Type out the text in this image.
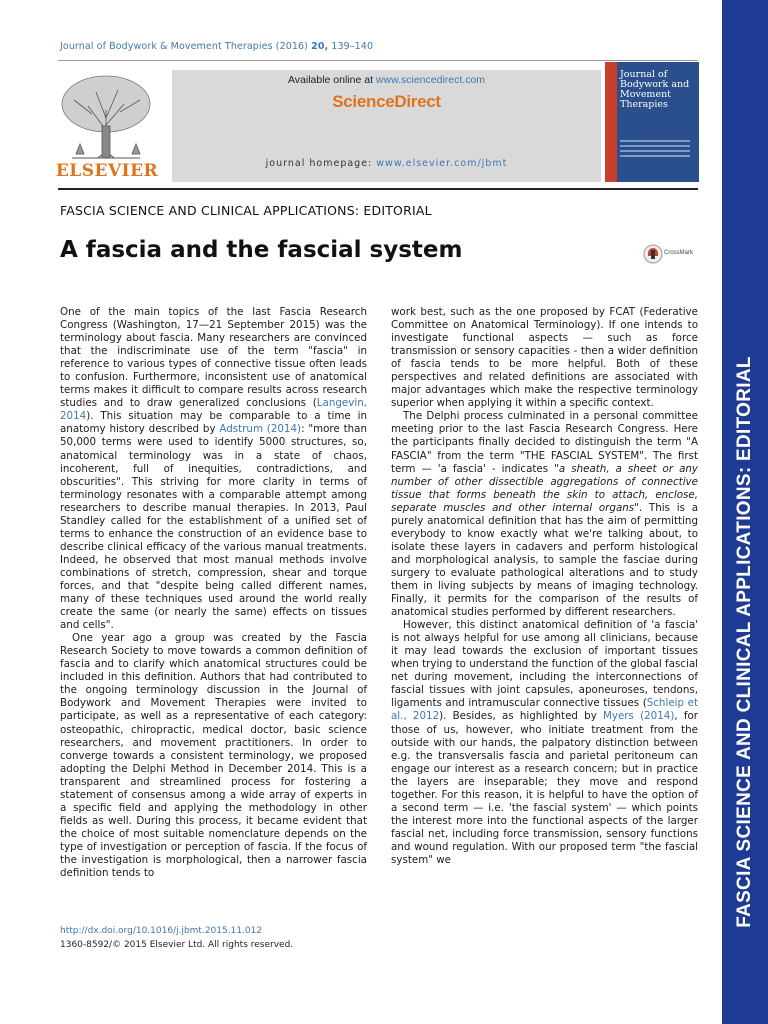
Journal of Bodywork & Movement Therapies (2016) 20, 139–140
ELSEVIER
Available online at www.sciencedirect.com
ScienceDirect
journal homepage: www.elsevier.com/jbmt
Journal of Bodywork and Movement Therapies
FASCIA SCIENCE AND CLINICAL APPLICATIONS: EDITORIAL
A fascia and the fascial system	CrossMark

One of the main topics of the last Fascia Research Congress (Washington, 17—21 September 2015) was the terminology about fascia. Many researchers are convinced that the indiscriminate use of the term "fascia" in reference to various types of connective tissue often leads to confusion. Furthermore, inconsistent use of anatomical terms makes it difficult to compare results across research studies and to draw generalized conclusions (Langevin, 2014). This situation may be comparable to a time in anatomy history described by Adstrum (2014): "more than 50,000 terms were used to identify 5000 structures, so, anatomical terminology was in a state of chaos, incoherent, full of inequities, contradictions, and obscurities". This striving for more clarity in terms of terminology resonates with a comparable attempt among researchers to describe manual therapies. In 2013, Paul Standley called for the establishment of a unified set of terms to enhance the construction of an evidence base to describe clinical efficacy of the various manual treatments. Indeed, he observed that most manual methods involve combinations of stretch, compression, shear and torque forces, and that "despite being called different names, many of these techniques used around the world really create the same (or nearly the same) effects on tissues and cells".

One year ago a group was created by the Fascia Research Society to move towards a common definition of fascia and to clarify which anatomical structures could be included in this definition. Authors that had contributed to the ongoing terminology discussion in the Journal of Bodywork and Movement Therapies were invited to participate, as well as a representative of each category: osteopathic, chiropractic, medical doctor, basic science researchers, and movement practitioners. In order to converge towards a consistent terminology, we proposed adopting the Delphi Method in December 2014. This is a transparent and streamlined process for fostering a statement of consensus among a wide array of experts in a specific field and applying the methodology in other fields as well. During this process, it became evident that the choice of most suitable nomenclature depends on the type of investigation or perception of fascia. If the focus of the investigation is morphological, then a narrower fascia definition tends to

work best, such as the one proposed by FCAT (Federative Committee on Anatomical Terminology). If one intends to investigate functional aspects — such as force transmission or sensory capacities - then a wider definition of fascia tends to be more helpful. Both of these perspectives and related definitions are associated with major advantages which make the respective terminology superior when applying it within a specific context.

The Delphi process culminated in a personal committee meeting prior to the last Fascia Research Congress. Here the participants finally decided to distinguish the term "A FASCIA" from the term "THE FASCIAL SYSTEM". The first term — 'a fascia' - indicates "a sheath, a sheet or any number of other dissectible aggregations of connective tissue that forms beneath the skin to attach, enclose, separate muscles and other internal organs". This is a purely anatomical definition that has the aim of permitting everybody to know exactly what we're talking about, to isolate these layers in cadavers and perform histological and morphological analysis, to sample the fasciae during surgery to evaluate pathological alterations and to study them in living subjects by means of imaging technology. Finally, it permits for the comparison of the results of anatomical studies performed by different researchers.

However, this distinct anatomical definition of 'a fascia' is not always helpful for use among all clinicians, because it may lead towards the exclusion of important tissues when trying to understand the function of the global fascial net during movement, including the interconnections of fascial tissues with joint capsules, aponeuroses, tendons, ligaments and intramuscular connective tissues (Schleip et al., 2012). Besides, as highlighted by Myers (2014), for those of us, however, who initiate treatment from the outside with our hands, the palpatory distinction between e.g. the transversalis fascia and parietal peritoneum can engage our interest as a research concern; but in practice the layers are inseparable; they move and respond together. For this reason, it is helpful to have the option of a second term — i.e. 'the fascial system' — which points the interest more into the functional aspects of the larger fascial net, including force transmission, sensory functions and wound regulation. With our proposed term "the fascial system" we

http://dx.doi.org/10.1016/j.jbmt.2015.11.012
1360-8592/© 2015 Elsevier Ltd. All rights reserved.
FASCIA SCIENCE AND CLINICAL APPLICATIONS: EDITORIAL
